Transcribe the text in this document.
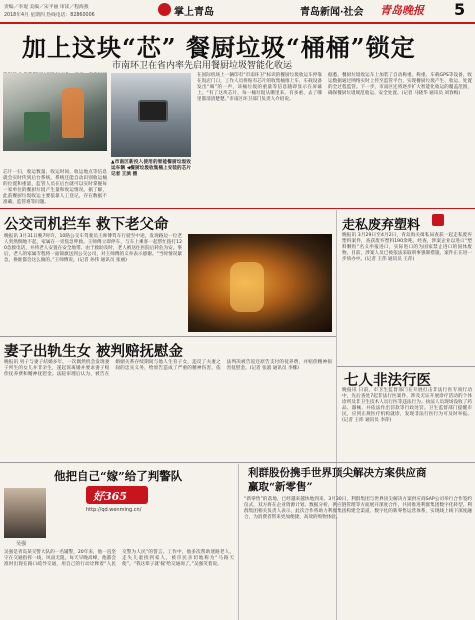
责编／李琨 美编／宋平丽 审读／程海燕
2018年4月 星期四 热线电话：82860006	掌上青岛	青岛新闻·社会 青岛晚报 5
加上这块“芯” 餐厨垃圾“桶桶”锁定
市南环卫在省内率先启用餐厨垃圾智能化收运
▲市南区新投入使用的智能餐厨垃圾收运车辆 ◀餐厨垃圾收集桶上安装的芯片 记者 王滨 摄
芯片一扫，收运数量、收运时间、收运地点等信息就会实时传到后台系统。系统还能自动识别收运桶的位置和重量，监管人员在后台就可以实时掌握每一家单位的餐厨垃圾产生量和收运情况。据了解，此前餐厨垃圾收运主要依靠人工登记，存在数据不准确、监管难等问题。
在国际机场上一辆印有“市南环卫”标识的餐厨垃圾收运车停靠在饭店门口，工作人员将贴有芯片的收集桶推上车，车载设备发出“嘀”的一声，该桶垃圾的重量等信息随即显示在屏幕上。“有了这块芯片，每一桶垃圾从哪里来、有多重、去了哪里都清清楚楚。”市南区环卫部门负责人介绍说。
据悉，餐厨垃圾收运车上加装了自动称重、称重、车载GPS等设备，收运数据通过网络实时上传至监管平台，实现餐厨垃圾产生、收运、处置的全过程监管。下一步，市南区还将逐步扩大智能化收运的覆盖范围，确保餐厨垃圾规范收运、安全处置。(记者 马晓华 通讯员 刘春梅)
公交司机拦车 救下老父命
晚报讯 3月31日晚7时许，10路公交车驾驶员王师傅驾车行驶至中途，发现路边一位老人突然倒地不起，家属在一旁焦急呼救。王师傅立即停车，与车上乘客一起帮忙拨打120急救电话，并将老人安置在安全地带。由于救助及时，老人被送往医院后转危为安。事后，老人的家属专程将一面锦旗送到公交公司，对王师傅的义举表示感谢。“当时情况紧急，换谁都会这么做的。”王师傅说。(记者 孙伟 通讯员 张丽)
走私废弃塑料
晚报讯 3月29日至4月2日，青岛海关缉私局查获一起走私废弃塑料案件，查获废弃塑料190余吨。经查，涉案企业以进口“塑料颗粒”名义申报进口，实际进口的为国家禁止进口的固体废物。目前，涉案人员已被依法采取刑事强制措施，案件正在进一步侦办中。(记者 王伟 通讯员 王萍)
妻子出轨生女 被判赔抚慰金
晚报讯 男子与妻子结婚多年，一次偶然机会发现妻子所生的女儿并非亲生，遂起诉离婚并要求妻子赔偿抚养费和精神抚慰金。法院审理后认为，被告在婚姻关系存续期间与他人生育子女，违反了夫妻之间的忠实义务，给原告造成了严重的精神伤害，依法判决被告返还原告支付的抚养费，并赔偿精神损害抚慰金。(记者 张淑 通讯员 李娜)
七人非法行医
晚报讯 日前，市卫生监督部门在开展打击非法行医专项行动中，先后查处7起非法行医案件，涉及无证开展诊疗活动的个体诊所及非卫生技术人员行医等违法行为。执法人员现场没收了药品、器械，并依法作出罚款等行政处罚。卫生监督部门提醒市民，应到正规医疗机构就诊，发现非法行医行为可及时举报。(记者 王炜 通讯员 李萍)
他把自己“嫁”给了判警队
好365
http://qd.wenming.cn/
吴强
吴强是青岛某交警大队的一名辅警，20年来，他一直坚守在交通指挥一线，风雨无阻。每天早晚高峰，他都会准时出现在路口疏导交通，用自己的行动诠释着“人民交警为人民”的誓言。工作中，他多次帮助迷路老人、走失儿童找到家人，被市民亲切地称为“马路天使”。“我这辈子就‘嫁’给交通岗了。”吴强笑着说。
利群股份携手世界顶尖解决方案供应商
赢取“新零售”
“新零售”的落地，已经越来越快地到来。3月30日，利群集团与世界顶尖解决方案供应商SAP公司举行合作签约仪式，双方将在企业资源计划、数据分析、供应链管理等方面展开深度合作，共同推进利群集团数字化转型。利群集团相关负责人表示，此次合作将助力利群集团构建全渠道、数字化的新零售运营体系，实现线上线下深度融合，为消费者带来更加便捷、高效的购物体验。
